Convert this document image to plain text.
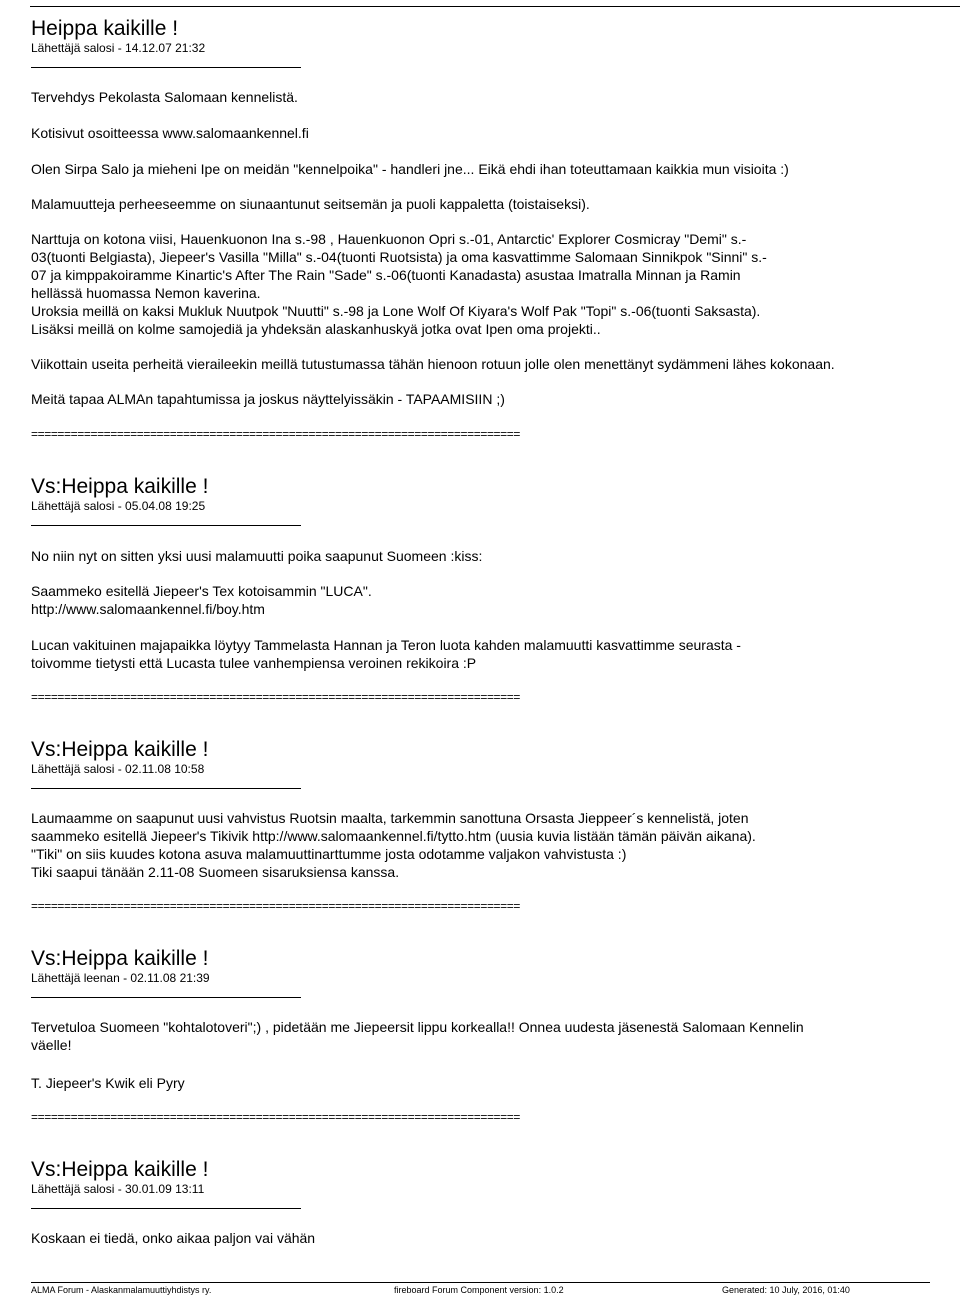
Heippa kaikille !

Lähettäjä salosi - 14.12.07 21:32

Tervehdys Pekolasta Salomaan kennelistä.

Kotisivut osoitteessa www.salomaankennel.fi

Olen Sirpa Salo ja mieheni Ipe on meidän "kennelpoika" - handleri jne... Eikä ehdi ihan toteuttamaan kaikkia mun visioita :)

Malamuutteja perheeseemme on siunaantunut seitsemän ja puoli kappaletta (toistaiseksi).

Narttuja on kotona viisi, Hauenkuonon Ina s.-98 , Hauenkuonon Opri s.-01, Antarctic' Explorer Cosmicray "Demi" s.-

03(tuonti Belgiasta), Jiepeer's Vasilla "Milla" s.-04(tuonti Ruotsista) ja oma kasvattimme Salomaan Sinnikpok "Sinni" s.-

07 ja kimppakoiramme Kinartic's After The Rain "Sade" s.-06(tuonti Kanadasta) asustaa Imatralla Minnan ja Ramin

hellässä huomassa Nemon kaverina.

Uroksia meillä on kaksi Mukluk Nuutpok "Nuutti" s.-98 ja Lone Wolf Of Kiyara's Wolf Pak "Topi" s.-06(tuonti Saksasta).

Lisäksi meillä on kolme samojediä ja yhdeksän alaskanhuskyä jotka ovat Ipen oma projekti..

Viikottain useita perheitä vieraileekin meillä tutustumassa tähän hienoon rotuun jolle olen menettänyt sydämmeni lähes kokonaan.

Meitä tapaa ALMAn tapahtumissa ja joskus näyttelyissäkin - TAPAAMISIIN ;)

==========================================================================

Vs:Heippa kaikille !

Lähettäjä salosi - 05.04.08 19:25

No niin nyt on sitten yksi uusi malamuutti poika saapunut Suomeen :kiss:

Saammeko esitellä Jiepeer's Tex kotoisammin "LUCA".

http://www.salomaankennel.fi/boy.htm

Lucan vakituinen majapaikka löytyy Tammelasta Hannan ja Teron luota kahden malamuutti kasvattimme seurasta -

toivomme tietysti että Lucasta tulee vanhempiensa veroinen rekikoira :P

==========================================================================

Vs:Heippa kaikille !

Lähettäjä salosi - 02.11.08 10:58

Laumaamme on saapunut uusi vahvistus Ruotsin maalta, tarkemmin sanottuna Orsasta Jieppeer´s kennelistä, joten

saammeko esitellä Jiepeer's Tikivik http://www.salomaankennel.fi/tytto.htm (uusia kuvia listään tämän päivän aikana).

"Tiki" on siis kuudes kotona asuva malamuuttinarttumme josta odotamme valjakon vahvistusta :)

Tiki saapui tänään 2.11-08 Suomeen sisaruksiensa kanssa.

==========================================================================

Vs:Heippa kaikille !

Lähettäjä leenan - 02.11.08 21:39

Tervetuloa Suomeen "kohtalotoveri";) , pidetään me Jiepeersit lippu korkealla!! Onnea uudesta jäsenestä Salomaan Kennelin

väelle!

T. Jiepeer's Kwik eli Pyry

==========================================================================

Vs:Heippa kaikille !

Lähettäjä salosi - 30.01.09 13:11

Koskaan ei tiedä, onko aikaa paljon vai vähän

ALMA Forum - Alaskanmalamuuttiyhdistys ry.	fireboard Forum Component version: 1.0.2	Generated: 10 July, 2016, 01:40
